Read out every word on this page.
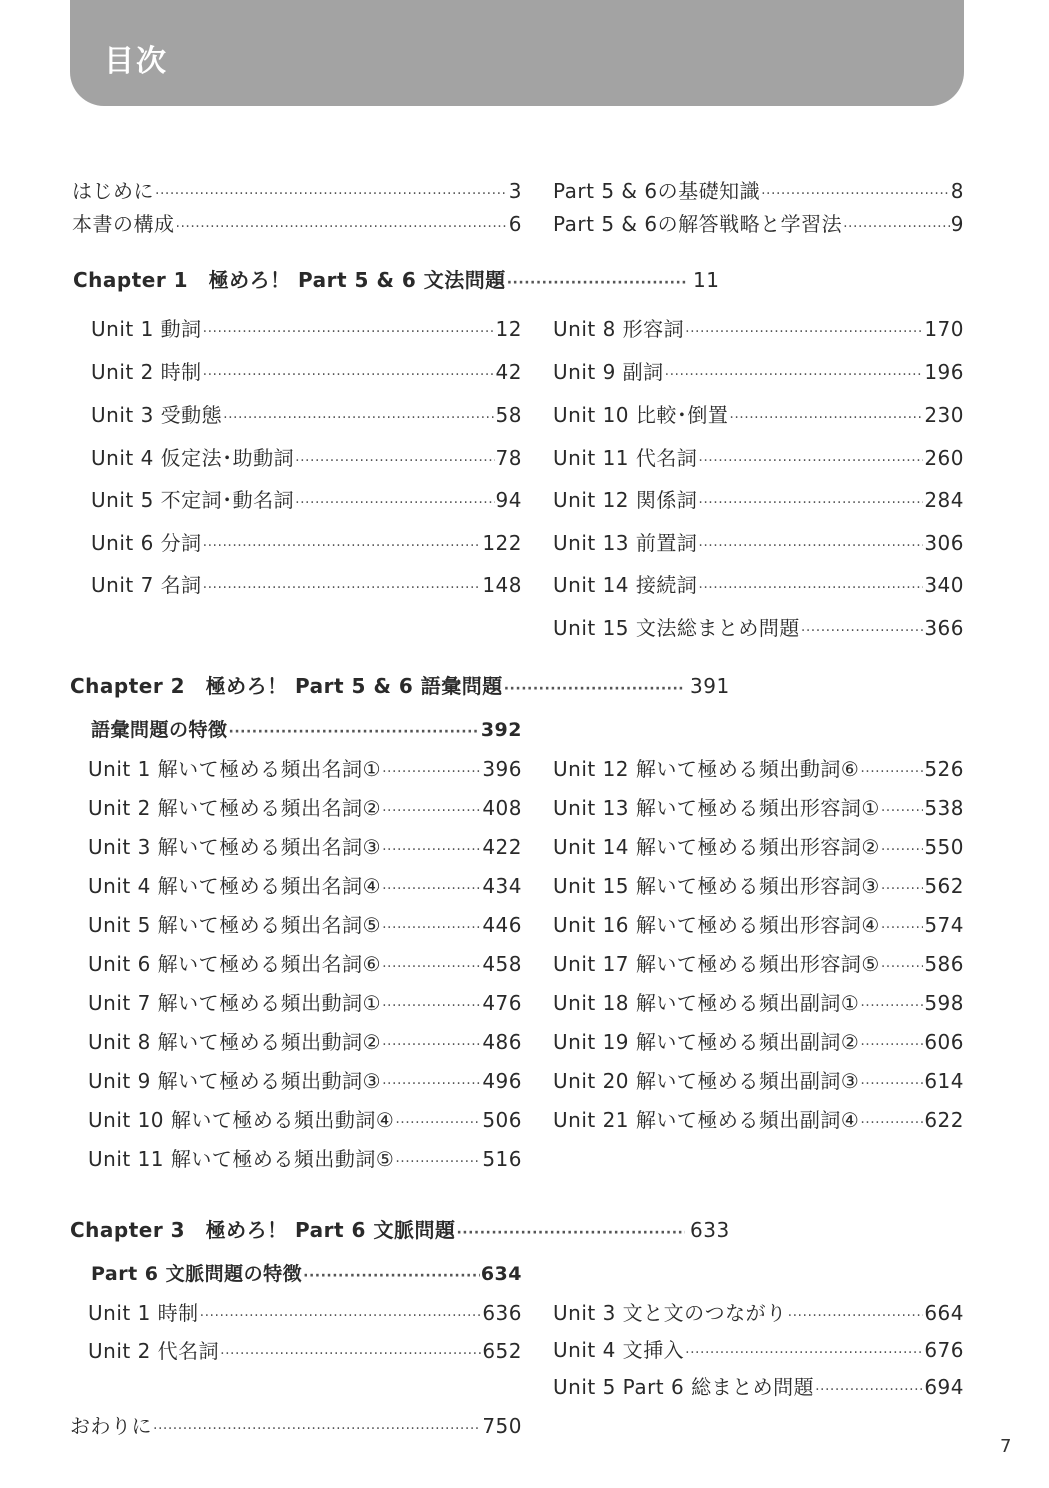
目次
はじめに ·····	3
本書の構成 ·····	6
Part 5 & 6の基礎知識 ·····	8
Part 5 & 6の解答戦略と学習法 ·····	9
Chapter 1　極めろ！ Part 5 & 6 文法問題 ·····	11
Unit 1 動詞 ·····	12
Unit 2 時制 ·····	42
Unit 3 受動態 ·····	58
Unit 4 仮定法･助動詞 ·····	78
Unit 5 不定詞･動名詞 ·····	94
Unit 6 分詞 ·····	122
Unit 7 名詞 ·····	148
Unit 8 形容詞 ·····	170
Unit 9 副詞 ·····	196
Unit 10 比較･倒置 ·····	230
Unit 11 代名詞 ·····	260
Unit 12 関係詞 ·····	284
Unit 13 前置詞 ·····	306
Unit 14 接続詞 ·····	340
Unit 15 文法総まとめ問題 ·····	366
Chapter 2　極めろ！ Part 5 & 6 語彙問題 ·····	391
語彙問題の特徴 ·····	392
Unit 1 解いて極める頻出名詞① ·····	396
Unit 2 解いて極める頻出名詞② ·····	408
Unit 3 解いて極める頻出名詞③ ·····	422
Unit 4 解いて極める頻出名詞④ ·····	434
Unit 5 解いて極める頻出名詞⑤ ·····	446
Unit 6 解いて極める頻出名詞⑥ ·····	458
Unit 7 解いて極める頻出動詞① ·····	476
Unit 8 解いて極める頻出動詞② ·····	486
Unit 9 解いて極める頻出動詞③ ·····	496
Unit 10 解いて極める頻出動詞④ ·····	506
Unit 11 解いて極める頻出動詞⑤ ·····	516
Unit 12 解いて極める頻出動詞⑥ ·····	526
Unit 13 解いて極める頻出形容詞① ····· 538
Unit 14 解いて極める頻出形容詞② ····· 550
Unit 15 解いて極める頻出形容詞③ ····· 562
Unit 16 解いて極める頻出形容詞④ ····· 574
Unit 17 解いて極める頻出形容詞⑤ ····· 586
Unit 18 解いて極める頻出副詞① ·····	598
Unit 19 解いて極める頻出副詞② ·····	606
Unit 20 解いて極める頻出副詞③ ·····	614
Unit 21 解いて極める頻出副詞④ ·····	622
Chapter 3　極めろ！ Part 6 文脈問題 ·····	633
Part 6 文脈問題の特徴 ·····	634
Unit 1 時制 ·····	636
Unit 2 代名詞 ·····	652
Unit 3 文と文のつながり ·····	664
Unit 4 文挿入 ·····	676
Unit 5 Part 6 総まとめ問題 ·····	694
おわりに ·····	750
7
